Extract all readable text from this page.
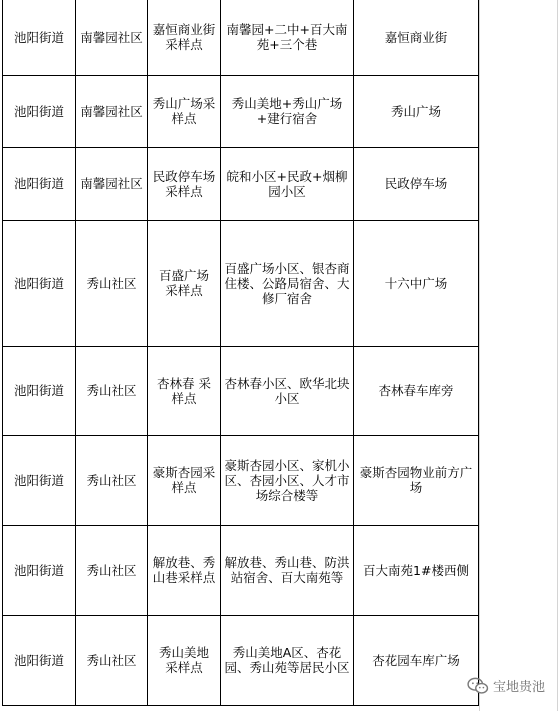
池阳街道	南馨园社区	嘉恒商业街采样点	南馨园+二中+百大南苑+三个巷	嘉恒商业街
池阳街道	南馨园社区	秀山广场采样点	秀山美地+秀山广场+建行宿舍	秀山广场
池阳街道	南馨园社区	民政停车场采样点	皖和小区+民政+烟柳园小区	民政停车场
池阳街道	秀山社区	百盛广场 采样点	百盛广场小区、银杏商住楼、公路局宿舍、大修厂宿舍	十六中广场
池阳街道	秀山社区	杏林春 采样点	杏林春小区、欧华北块小区	杏林春车库旁
池阳街道	秀山社区	豪斯杏园采样点	豪斯杏园小区、家机小区、杏园小区、人才市场综合楼等	豪斯杏园物业前方广场
池阳街道	秀山社区	解放巷、秀山巷采样点	解放巷、秀山巷、防洪站宿舍、百大南苑等	百大南苑1#楼西侧
池阳街道	秀山社区	秀山美地 采样点	秀山美地A区、杏花园、秀山苑等居民小区	杏花园车库广场
宝地贵池
